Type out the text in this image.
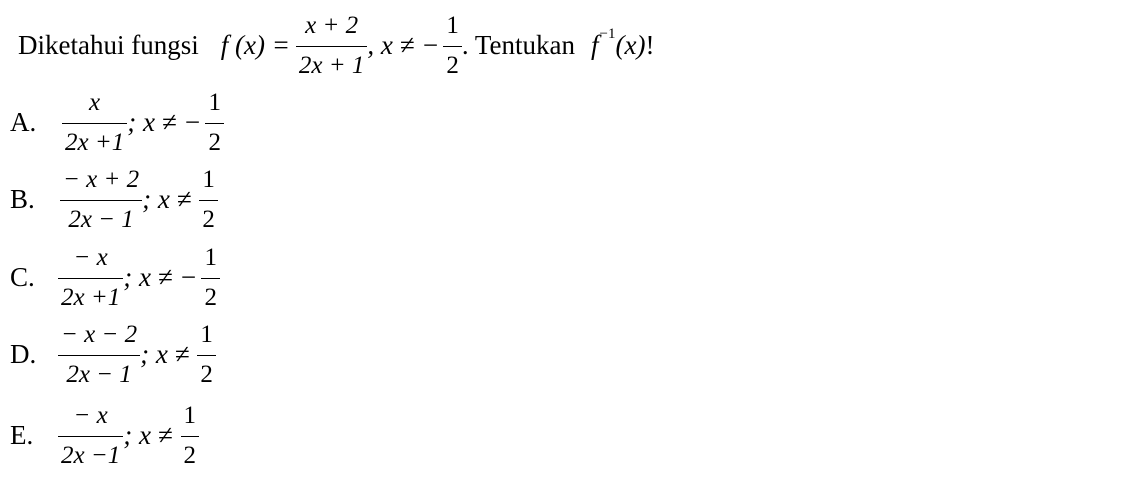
Diketahui fungsi f $(x) = \frac{x + 2}{2x + 1}$ , x ≠ − $\frac{1}{2}$ . Tentukan f −1 (x) !
A.	$\frac{x}{2x +1}$ ; x ≠ − $\frac{1}{2}$
B.	$\frac{- x + 2}{2x - 1}$ ; $x \ne \frac{1}{2}$
C. $\frac{- x}{2x +1}$ ; x ≠ − $\frac{1}{2}$
D. $\frac{- x - 2}{2x - 1}$ ; $x \ne \frac{1}{2}$
E. $\frac{- x}{2x -1}$ ; $x \ne \frac{1}{2}$
